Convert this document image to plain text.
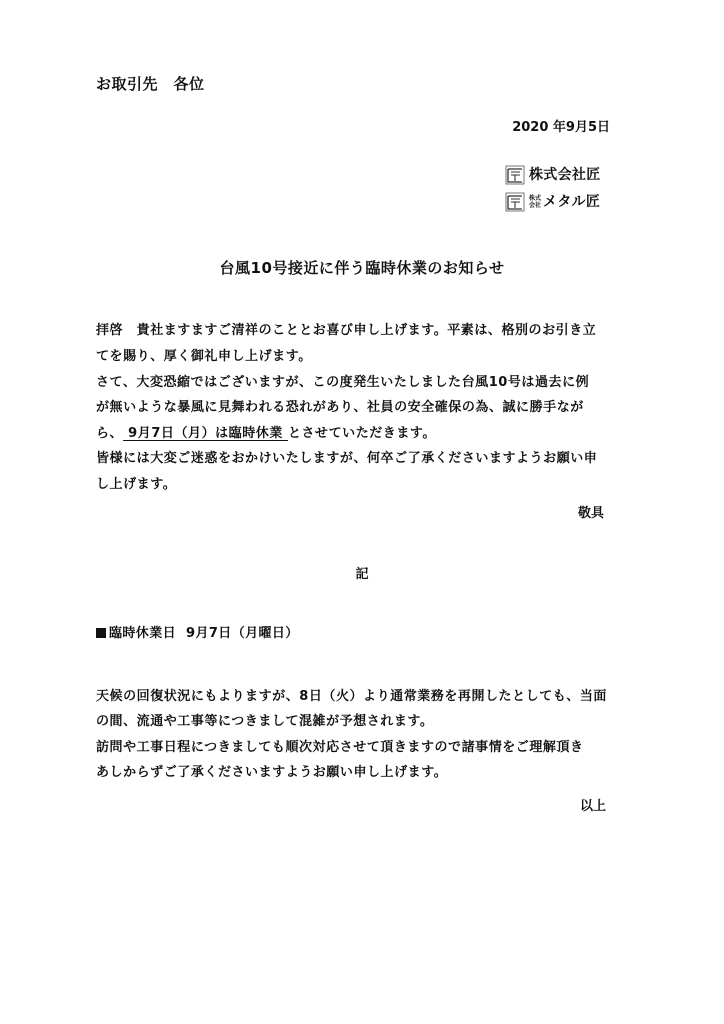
お取引先　各位
2020 年9月5日
株式会社匠
株式
会社 メタル匠
台風10号接近に伴う臨時休業のお知らせ
拝啓　貴社ますますご清祥のこととお喜び申し上げます。平素は、格別のお引き立
てを賜り、厚く御礼申し上げます。
さて、大変恐縮ではございますが、この度発生いたしました台風10号は過去に例
が無いような暴風に見舞われる恐れがあり、社員の安全確保の為、誠に勝手なが
ら、 9月7日（月）は臨時休業 とさせていただきます。
皆様には大変ご迷惑をおかけいたしますが、何卒ご了承くださいますようお願い申
し上げます。
敬具
記
臨時休業日 9月7日（月曜日）
天候の回復状況にもよりますが、8日（火）より通常業務を再開したとしても、当面
の間、流通や工事等につきまして混雑が予想されます。
訪問や工事日程につきましても順次対応させて頂きますので諸事情をご理解頂き
あしからずご了承くださいますようお願い申し上げます。
以上
